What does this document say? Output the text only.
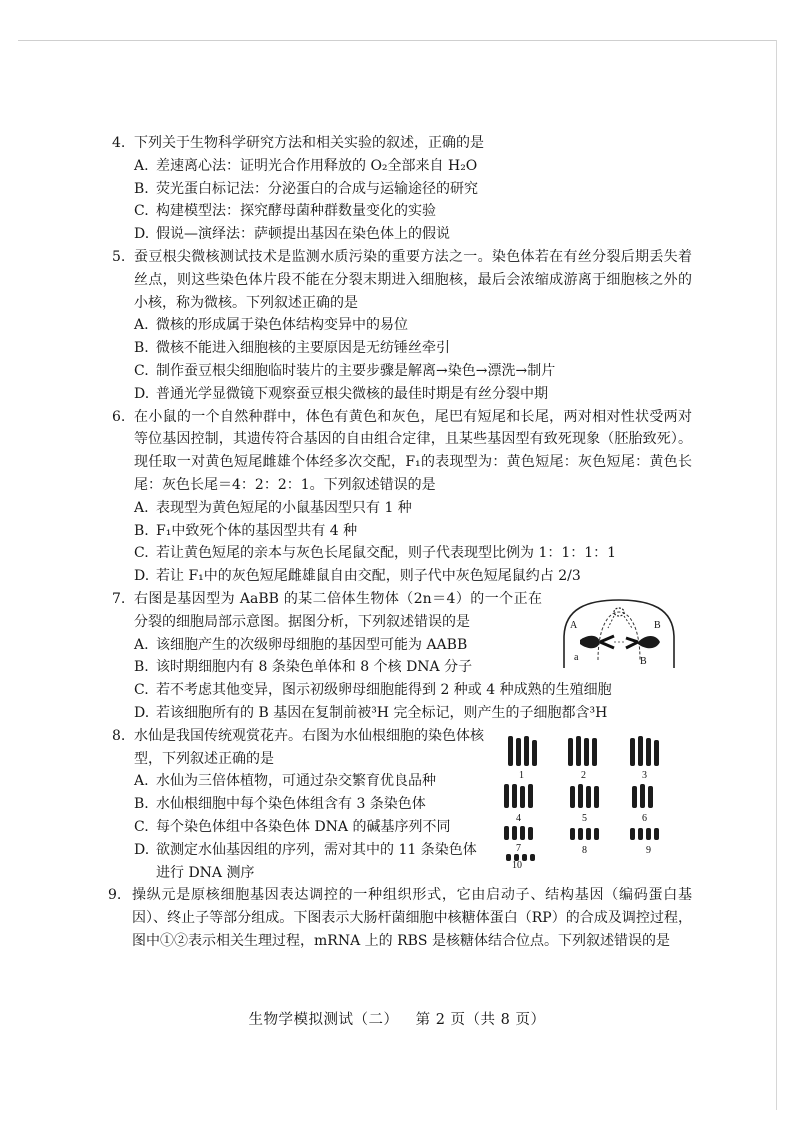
4. 下列关于生物科学研究方法和相关实验的叙述，正确的是
A. 差速离心法：证明光合作用释放的 O₂全部来自 H₂O
B. 荧光蛋白标记法：分泌蛋白的合成与运输途径的研究
C. 构建模型法：探究酵母菌种群数量变化的实验
D. 假说—演绎法：萨顿提出基因在染色体上的假说
5. 蚕豆根尖微核测试技术是监测水质污染的重要方法之一。染色体若在有丝分裂后期丢失着丝点，则这些染色体片段不能在分裂末期进入细胞核，最后会浓缩成游离于细胞核之外的小核，称为微核。下列叙述正确的是
A. 微核的形成属于染色体结构变异中的易位
B. 微核不能进入细胞核的主要原因是无纺锤丝牵引
C. 制作蚕豆根尖细胞临时装片的主要步骤是解离→染色→漂洗→制片
D. 普通光学显微镜下观察蚕豆根尖微核的最佳时期是有丝分裂中期
6. 在小鼠的一个自然种群中，体色有黄色和灰色，尾巴有短尾和长尾，两对相对性状受两对等位基因控制，其遗传符合基因的自由组合定律，且某些基因型有致死现象（胚胎致死）。现任取一对黄色短尾雌雄个体经多次交配，F₁的表现型为：黄色短尾：灰色短尾：黄色长尾：灰色长尾＝4：2：2：1。下列叙述错误的是
A. 表现型为黄色短尾的小鼠基因型只有 1 种
B. F₁中致死个体的基因型共有 4 种
C. 若让黄色短尾的亲本与灰色长尾鼠交配，则子代表现型比例为 1：1：1：1
D. 若让 F₁中的灰色短尾雌雄鼠自由交配，则子代中灰色短尾鼠约占 2/3
7. 右图是基因型为 AaBB 的某二倍体生物体（2n＝4）的一个正在分裂的细胞局部示意图。据图分析，下列叙述错误的是
A. 该细胞产生的次级卵母细胞的基因型可能为 AABB
B. 该时期细胞内有 8 条染色单体和 8 个核 DNA 分子
C. 若不考虑其他变异，图示初级卵母细胞能得到 2 种或 4 种成熟的生殖细胞
D. 若该细胞所有的 B 基因在复制前被³H 完全标记，则产生的子细胞都含³H
8. 水仙是我国传统观赏花卉。右图为水仙根细胞的染色体核型，下列叙述正确的是
A. 水仙为三倍体植物，可通过杂交繁育优良品种
B. 水仙根细胞中每个染色体组含有 3 条染色体
C. 每个染色体组中各染色体 DNA 的碱基序列不同
D. 欲测定水仙基因组的序列，需对其中的 11 条染色体进行 DNA 测序
9. 操纵元是原核细胞基因表达调控的一种组织形式，它由启动子、结构基因（编码蛋白基因）、终止子等部分组成。下图表示大肠杆菌细胞中核糖体蛋白（RP）的合成及调控过程，图中①②表示相关生理过程，mRNA 上的 RBS 是核糖体结合位点。下列叙述错误的是
A
a
B
B
1	2	3
4	5	6
7	8	9
10
生物学模拟测试（二） 第 2 页（共 8 页）
